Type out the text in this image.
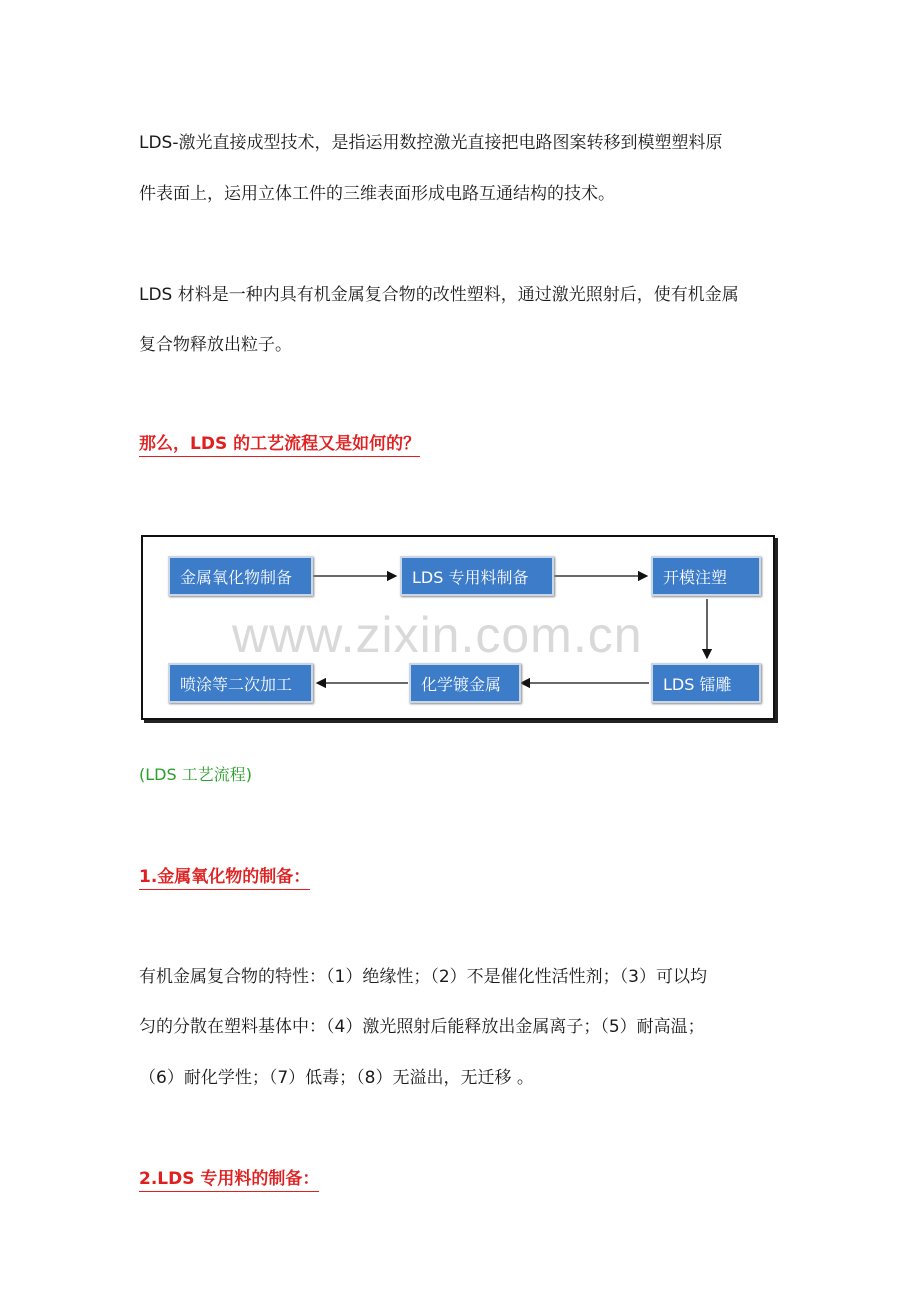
LDS-激光直接成型技术，是指运用数控激光直接把电路图案转移到模塑塑料原
件表面上，运用立体工件的三维表面形成电路互通结构的技术。
LDS 材料是一种内具有机金属复合物的改性塑料，通过激光照射后，使有机金属
复合物释放出粒子。
那么，LDS 的工艺流程又是如何的？
金属氧化物制备	LDS 专用料制备	开模注塑
LDS 镭雕
化学镀金属
喷涂等二次加工
www.zixin.com.cn
(LDS 工艺流程)
1.金属氧化物的制备：
有机金属复合物的特性：（1）绝缘性；（2）不是催化性活性剂；（3）可以均
匀的分散在塑料基体中：（4）激光照射后能释放出金属离子；（5）耐高温；
（6）耐化学性；（7）低毒；（8）无溢出，无迁移 。
2.LDS 专用料的制备：
